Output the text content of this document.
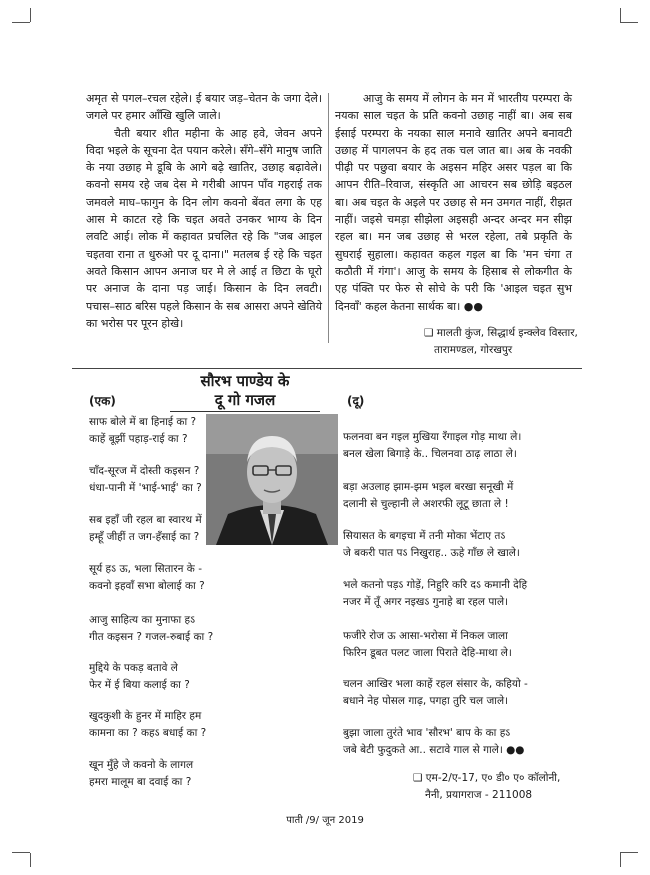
अमृत से पगल–रचल रहेले। ई बयार जड़–चेतन के जगा देले। जगले पर हमार आँखि खुलि जाले।

चैती बयार शीत महीना के आह हवे, जेवन अपने विदा भइले के सूचना देत पयान करेले। सँगे–सँगे मानुष जाति के नया उछाह मे डूबि के आगे बढ़े खातिर, उछाह बढ़ावेले। कवनो समय रहे जब देस मे गरीबी आपन पाँव गहराई तक जमवले माघ–फागुन के दिन लोग कवनो बेंवत लगा के एह आस मे काटत रहे कि चइत अवते उनकर भाग्य के दिन लवटि आई। लोक में कहावत प्रचलित रहे कि "जब आइल चइतवा राना त धुरुओ पर दू दाना।" मतलब ई रहे कि चइत अवते किसान आपन अनाज घर मे ले आई त छिटा के घूरो पर अनाज के दाना पड़ जाई। किसान के दिन लवटी। पचास–साठ बरिस पहले किसान के सब आसरा अपने खेतिये का भरोस पर पूरन होखे।

आजु के समय में लोगन के मन में भारतीय परम्परा के नयका साल चइत के प्रति कवनो उछाह नाहीं बा। अब सब ईसाई परम्परा के नयका साल मनावे खातिर अपने बनावटी उछाह में पागलपन के हद तक चल जात बा। अब के नवकी पीढ़ी पर पछुवा बयार के अइसन महिर असर पड़ल बा कि आपन रीति–रिवाज, संस्कृति आ आचरन सब छोड़ि बइठल बा। अब चइत के अइले पर उछाह से मन उमगत नाहीं, रीझत नाहीं। जइसे चमड़ा सीझेला अइसही अन्दर अन्दर मन सीझ रहल बा। मन जब उछाह से भरल रहेला, तबे प्रकृति के सुघराई सुहाला। कहावत कहल गइल बा कि 'मन चंगा त कठौती में गंगा'। आजु के समय के हिसाब से लोकगीत के एह पंक्ति पर फेरु से सोचे के परी कि 'आइल चइत सुभ दिनवाँ' कहल केतना सार्थक बा। ●●

❑ मालती कुंज, सिद्धार्थ इन्क्लेव विस्तार,
तारामण्डल, गोरखपुर
सौरभ पाण्डेय के
दू गो गजल
(एक)	(दू)
साफ बोले में बा हिनाई का ?
काहें बूझीं पहाड़-राई का ?
चाँद-सूरज में दोस्ती कइसन ?
धंधा-पानी में 'भाई-भाई' का ?
सब इहाँ जी रहल बा स्वारथ में
हम्हूँ जीहीं त जग-हँसाई का ?
सूर्य हऽ ऊ, भला सितारन के -
कवनो इहवाँ सभा बोलाई का ?
आजु साहित्य का मुनाफा हऽ
गीत कइसन ? गजल-रुबाई का ?
मुद्दिये के पकड़ बतावे ले
फेर में ई बिया कलाई का ?
खुदकुशी के हुनर में माहिर हम
कामना का ? कहऽ बधाई का ?
खून मुँहे जे कवनो के लागल
हमरा मालूम बा दवाई का ?
फलनवा बन गइल मुखिया रँगाइल गोड़ माथा ले।
बनल खेला बिगाड़े के.. चिलनवा ठाढ़ लाठा ले।
बड़ा अउलाह झाम-झम भइल बरखा सनूखी में
दलानी से चुल्हानी ले अशरफी लूटू छाता ले !
सियासत के बगइचा में तनी मोका भेंटाए तऽ
जे बकरी पात पऽ निखुराह.. ऊहे गाँछ ले खाले।
भले कतनो पड़ऽ गोड़ें, निहुरि करि दऽ कमानी देहि
नजर में तूँ अगर नइखऽ गुनाहे बा रहल पाले।
फजीरे रोज ऊ आसा-भरोसा में निकल जाला
फिरिन डूबत पलट जाला पिराते देहि-माथा ले।
चलन आखिर भला काहें रहल संसार के, कहियो -
बधाने नेह पोसल गाढ़, पगहा तुरि चल जाले।
बुझा जाला तुरंते भाव 'सौरभ' बाप के का हऽ
जबे बेटी फुदुकते आ.. सटावे गाल से गाले। ●●
❑ एम-2/ए-17, ए० डी० ए० कॉलोनी,
नैनी, प्रयागराज - 211008
पाती /9/ जून 2019
